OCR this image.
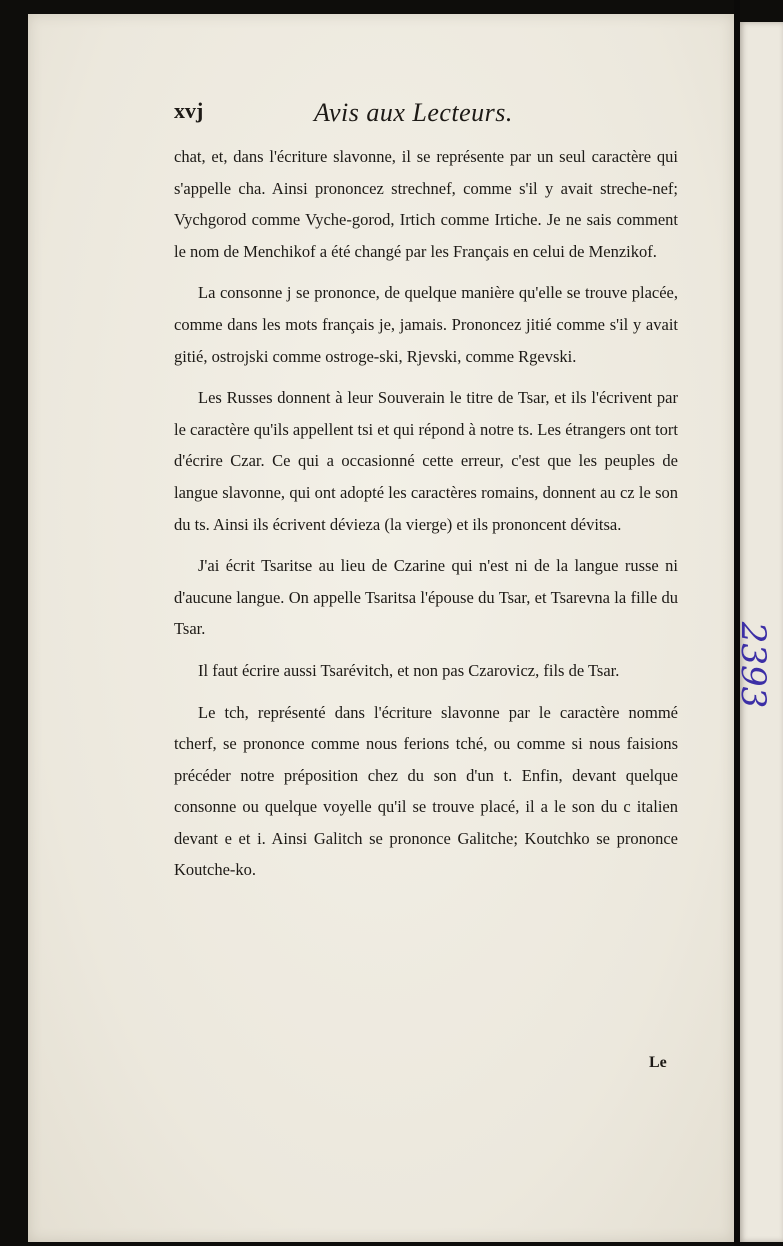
xvj	Avis aux Lecteurs.

chat, et, dans l'écriture slavonne, il se représente par un seul caractère qui s'appelle cha. Ainsi prononcez strechnef, comme s'il y avait streche-nef; Vychgorod comme Vyche-gorod, Irtich comme Irtiche. Je ne sais comment le nom de Menchikof a été changé par les Français en celui de Menzikof.

La consonne j se prononce, de quelque manière qu'elle se trouve placée, comme dans les mots français je, jamais. Prononcez jitié comme s'il y avait gitié, ostrojski comme ostroge-ski, Rjevski, comme Rgevski.

Les Russes donnent à leur Souverain le titre de Tsar, et ils l'écrivent par le caractère qu'ils appellent tsi et qui répond à notre ts. Les étrangers ont tort d'écrire Czar. Ce qui a occasionné cette erreur, c'est que les peuples de langue slavonne, qui ont adopté les caractères romains, donnent au cz le son du ts. Ainsi ils écrivent dévieza (la vierge) et ils prononcent dévitsa.

J'ai écrit Tsaritse au lieu de Czarine qui n'est ni de la langue russe ni d'aucune langue. On appelle Tsaritsa l'épouse du Tsar, et Tsarevna la fille du Tsar.

Il faut écrire aussi Tsarévitch, et non pas Czarovicz, fils de Tsar.

Le tch, représenté dans l'écriture slavonne par le caractère nommé tcherf, se prononce comme nous ferions tché, ou comme si nous faisions précéder notre préposition chez du son d'un t. Enfin, devant quelque consonne ou quelque voyelle qu'il se trouve placé, il a le son du c italien devant e et i. Ainsi Galitch se prononce Galitche; Koutchko se prononce Koutche-ko.

Le
2393
